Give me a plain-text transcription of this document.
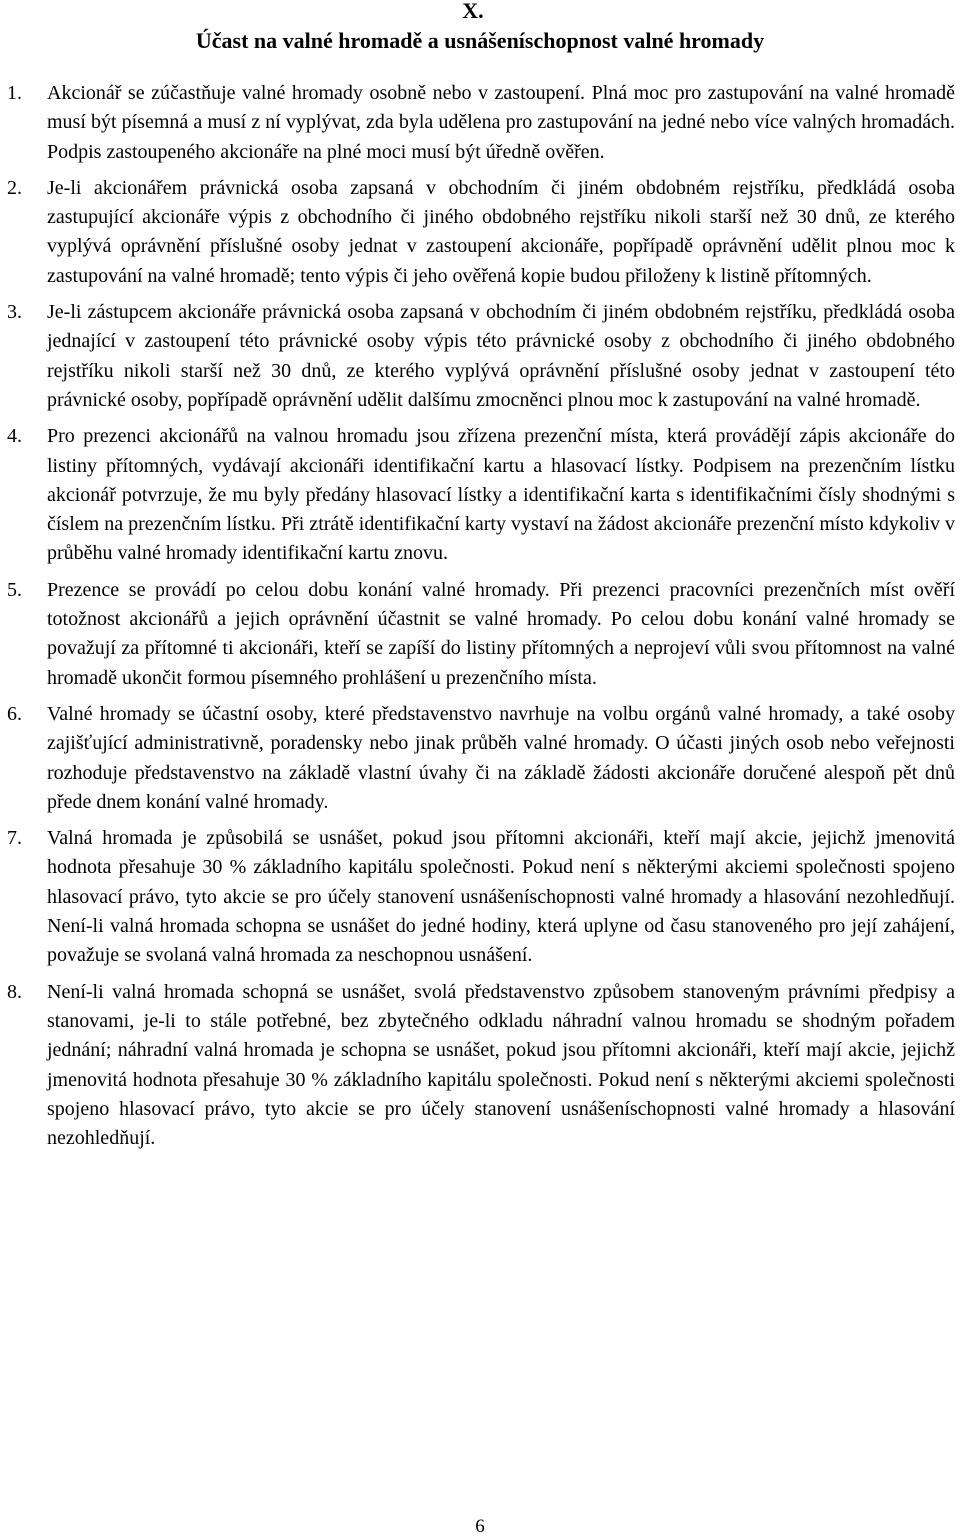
X.
Účast na valné hromadě a usnášeníschopnost valné hromady
1. Akcionář se zúčastňuje valné hromady osobně nebo v zastoupení. Plná moc pro zastupování na valné hromadě musí být písemná a musí z ní vyplývat, zda byla udělena pro zastupování na jedné nebo více valných hromadách. Podpis zastoupeného akcionáře na plné moci musí být úředně ověřen.
2. Je-li akcionářem právnická osoba zapsaná v obchodním či jiném obdobném rejstříku, předkládá osoba zastupující akcionáře výpis z obchodního či jiného obdobného rejstříku nikoli starší než 30 dnů, ze kterého vyplývá oprávnění příslušné osoby jednat v zastoupení akcionáře, popřípadě oprávnění udělit plnou moc k zastupování na valné hromadě; tento výpis či jeho ověřená kopie budou přiloženy k listině přítomných.
3. Je-li zástupcem akcionáře právnická osoba zapsaná v obchodním či jiném obdobném rejstříku, předkládá osoba jednající v zastoupení této právnické osoby výpis této právnické osoby z obchodního či jiného obdobného rejstříku nikoli starší než 30 dnů, ze kterého vyplývá oprávnění příslušné osoby jednat v zastoupení této právnické osoby, popřípadě oprávnění udělit dalšímu zmocněnci plnou moc k zastupování na valné hromadě.
4. Pro prezenci akcionářů na valnou hromadu jsou zřízena prezenční místa, která provádějí zápis akcionáře do listiny přítomných, vydávají akcionáři identifikační kartu a hlasovací lístky. Podpisem na prezenčním lístku akcionář potvrzuje, že mu byly předány hlasovací lístky a identifikační karta s identifikačními čísly shodnými s číslem na prezenčním lístku. Při ztrátě identifikační karty vystaví na žádost akcionáře prezenční místo kdykoliv v průběhu valné hromady identifikační kartu znovu.
5. Prezence se provádí po celou dobu konání valné hromady. Při prezenci pracovníci prezenčních míst ověří totožnost akcionářů a jejich oprávnění účastnit se valné hromady. Po celou dobu konání valné hromady se považují za přítomné ti akcionáři, kteří se zapíší do listiny přítomných a neprojeví vůli svou přítomnost na valné hromadě ukončit formou písemného prohlášení u prezenčního místa.
6. Valné hromady se účastní osoby, které představenstvo navrhuje na volbu orgánů valné hromady, a také osoby zajišťující administrativně, poradensky nebo jinak průběh valné hromady. O účasti jiných osob nebo veřejnosti rozhoduje představenstvo na základě vlastní úvahy či na základě žádosti akcionáře doručené alespoň pět dnů přede dnem konání valné hromady.
7. Valná hromada je způsobilá se usnášet, pokud jsou přítomni akcionáři, kteří mají akcie, jejichž jmenovitá hodnota přesahuje 30 % základního kapitálu společnosti. Pokud není s některými akciemi společnosti spojeno hlasovací právo, tyto akcie se pro účely stanovení usnášeníschopnosti valné hromady a hlasování nezohledňují. Není-li valná hromada schopna se usnášet do jedné hodiny, která uplyne od času stanoveného pro její zahájení, považuje se svolaná valná hromada za neschopnou usnášení.
8. Není-li valná hromada schopná se usnášet, svolá představenstvo způsobem stanoveným právními předpisy a stanovami, je-li to stále potřebné, bez zbytečného odkladu náhradní valnou hromadu se shodným pořadem jednání; náhradní valná hromada je schopna se usnášet, pokud jsou přítomni akcionáři, kteří mají akcie, jejichž jmenovitá hodnota přesahuje 30 % základního kapitálu společnosti. Pokud není s některými akciemi společnosti spojeno hlasovací právo, tyto akcie se pro účely stanovení usnášeníschopnosti valné hromady a hlasování nezohledňují.
6
